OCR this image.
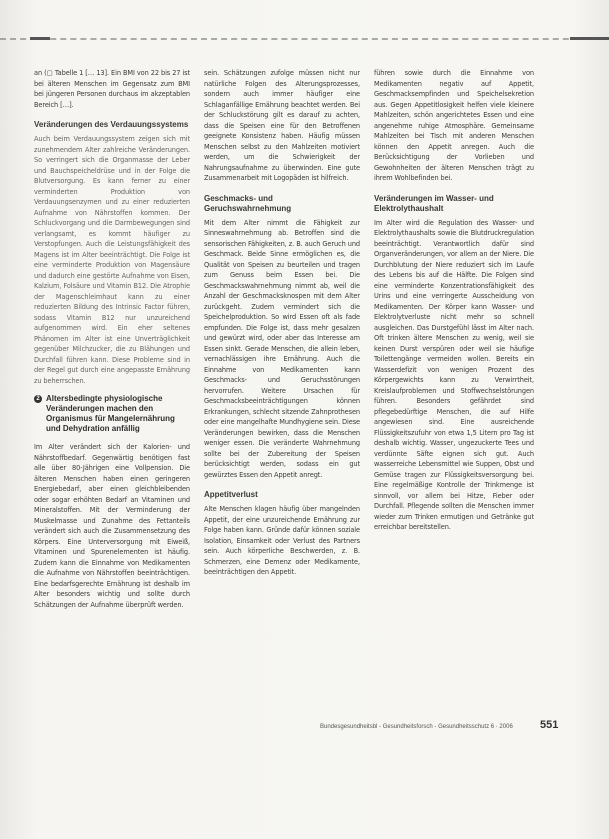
an (▢ Tabelle 1 [… 13]. Ein BMI von 22 bis 27 ist bei älteren Menschen im Gegensatz zum BMI bei jüngeren Personen durchaus im akzeptablen Bereich […].

Veränderungen des Verdauungssystems

Auch beim Verdauungssystem zeigen sich mit zunehmendem Alter zahlreiche Veränderungen. So verringert sich die Organmasse der Leber und Bauchspeicheldrüse und in der Folge die Blutversorgung. Es kann ferner zu einer verminderten Produktion von Verdauungsenzymen und zu einer reduzierten Aufnahme von Nährstoffen kommen. Der Schluckvorgang und die Darmbewegungen sind verlangsamt, es kommt häufiger zu Verstopfungen. Auch die Leistungsfähigkeit des Magens ist im Alter beeinträchtigt. Die Folge ist eine verminderte Produktion von Magensäure und dadurch eine gestörte Aufnahme von Eisen, Kalzium, Folsäure und Vitamin B12. Die Atrophie der Magenschleimhaut kann zu einer reduzierten Bildung des Intrinsic Factor führen, sodass Vitamin B12 nur unzureichend aufgenommen wird. Ein eher seltenes Phänomen im Alter ist eine Unverträglichkeit gegenüber Milchzucker, die zu Blähungen und Durchfall führen kann. Diese Probleme sind in der Regel gut durch eine angepasste Ernährung zu beherrschen.

2 Altersbedingte physiologische Veränderungen machen den Organismus für Mangelernährung und Dehydration anfällig

Im Alter verändert sich der Kalorien- und Nährstoffbedarf. Gegenwärtig benötigen fast alle über 80-Jährigen eine Vollpension. Die älteren Menschen haben einen geringeren Energiebedarf, aber einen gleichbleibenden oder sogar erhöhten Bedarf an Vitaminen und Mineralstoffen. Mit der Verminderung der Muskelmasse und Zunahme des Fettanteils verändert sich auch die Zusammensetzung des Körpers. Eine Unterversorgung mit Eiweiß, Vitaminen und Spurenelementen ist häufig. Zudem kann die Einnahme von Medikamenten die Aufnahme von Nährstoffen beeinträchtigen. Eine bedarfsgerechte Ernährung ist deshalb im Alter besonders wichtig und sollte durch Schätzungen der Aufnahme überprüft werden.

sein. Schätzungen zufolge müssen nicht nur natürliche Folgen des Alterungsprozesses, sondern auch immer häufiger eine Schlaganfällige Ernährung beachtet werden. Bei der Schluckstörung gilt es darauf zu achten, dass die Speisen eine für den Betroffenen geeignete Konsistenz haben. Häufig müssen Menschen selbst zu den Mahlzeiten motiviert werden, um die Schwierigkeit der Nahrungsaufnahme zu überwinden. Eine gute Zusammenarbeit mit Logopäden ist hilfreich.

Geschmacks- und Geruchswahrnehmung

Mit dem Alter nimmt die Fähigkeit zur Sinneswahrnehmung ab. Betroffen sind die sensorischen Fähigkeiten, z. B. auch Geruch und Geschmack. Beide Sinne ermöglichen es, die Qualität von Speisen zu beurteilen und tragen zum Genuss beim Essen bei. Die Geschmackswahrnehmung nimmt ab, weil die Anzahl der Geschmacksknospen mit dem Alter zurückgeht. Zudem vermindert sich die Speichelproduktion. So wird Essen oft als fade empfunden. Die Folge ist, dass mehr gesalzen und gewürzt wird, oder aber das Interesse am Essen sinkt. Gerade Menschen, die allein leben, vernachlässigen ihre Ernährung. Auch die Einnahme von Medikamenten kann Geschmacks- und Geruchsstörungen hervorrufen. Weitere Ursachen für Geschmacksbeeinträchtigungen können Erkrankungen, schlecht sitzende Zahnprothesen oder eine mangelhafte Mundhygiene sein. Diese Veränderungen bewirken, dass die Menschen weniger essen. Die veränderte Wahrnehmung sollte bei der Zubereitung der Speisen berücksichtigt werden, sodass ein gut gewürztes Essen den Appetit anregt.

Appetitverlust

Alte Menschen klagen häufig über mangelnden Appetit, der eine unzureichende Ernährung zur Folge haben kann. Gründe dafür können soziale Isolation, Einsamkeit oder Verlust des Partners sein. Auch körperliche Beschwerden, z. B. Schmerzen, eine Demenz oder Medikamente, beeinträchtigen den Appetit.

führen sowie durch die Einnahme von Medikamenten negativ auf Appetit, Geschmacksempfinden und Speichelsekretion aus. Gegen Appetitlosigkeit helfen viele kleinere Mahlzeiten, schön angerichtetes Essen und eine angenehme ruhige Atmosphäre. Gemeinsame Mahlzeiten bei Tisch mit anderen Menschen können den Appetit anregen. Auch die Berücksichtigung der Vorlieben und Gewohnheiten der älteren Menschen trägt zu ihrem Wohlbefinden bei.

Veränderungen im Wasser- und Elektrolythaushalt

Im Alter wird die Regulation des Wasser- und Elektrolythaushalts sowie die Blutdruckregulation beeinträchtigt. Verantwortlich dafür sind Organveränderungen, vor allem an der Niere. Die Durchblutung der Niere reduziert sich im Laufe des Lebens bis auf die Hälfte. Die Folgen sind eine verminderte Konzentrationsfähigkeit des Urins und eine verringerte Ausscheidung von Medikamenten. Der Körper kann Wasser- und Elektrolytverluste nicht mehr so schnell ausgleichen. Das Durstgefühl lässt im Alter nach. Oft trinken ältere Menschen zu wenig, weil sie keinen Durst verspüren oder weil sie häufige Toilettengänge vermeiden wollen. Bereits ein Wasserdefizit von wenigen Prozent des Körpergewichts kann zu Verwirrtheit, Kreislaufproblemen und Stoffwechselstörungen führen. Besonders gefährdet sind pflegebedürftige Menschen, die auf Hilfe angewiesen sind. Eine ausreichende Flüssigkeitszufuhr von etwa 1,5 Litern pro Tag ist deshalb wichtig. Wasser, ungezuckerte Tees und verdünnte Säfte eignen sich gut. Auch wasserreiche Lebensmittel wie Suppen, Obst und Gemüse tragen zur Flüssigkeitsversorgung bei. Eine regelmäßige Kontrolle der Trinkmenge ist sinnvoll, vor allem bei Hitze, Fieber oder Durchfall. Pflegende sollten die Menschen immer wieder zum Trinken ermutigen und Getränke gut erreichbar bereitstellen.

Bundesgesundheitsbl - Gesundheitsforsch - Gesundheitsschutz 6 · 2006	551
